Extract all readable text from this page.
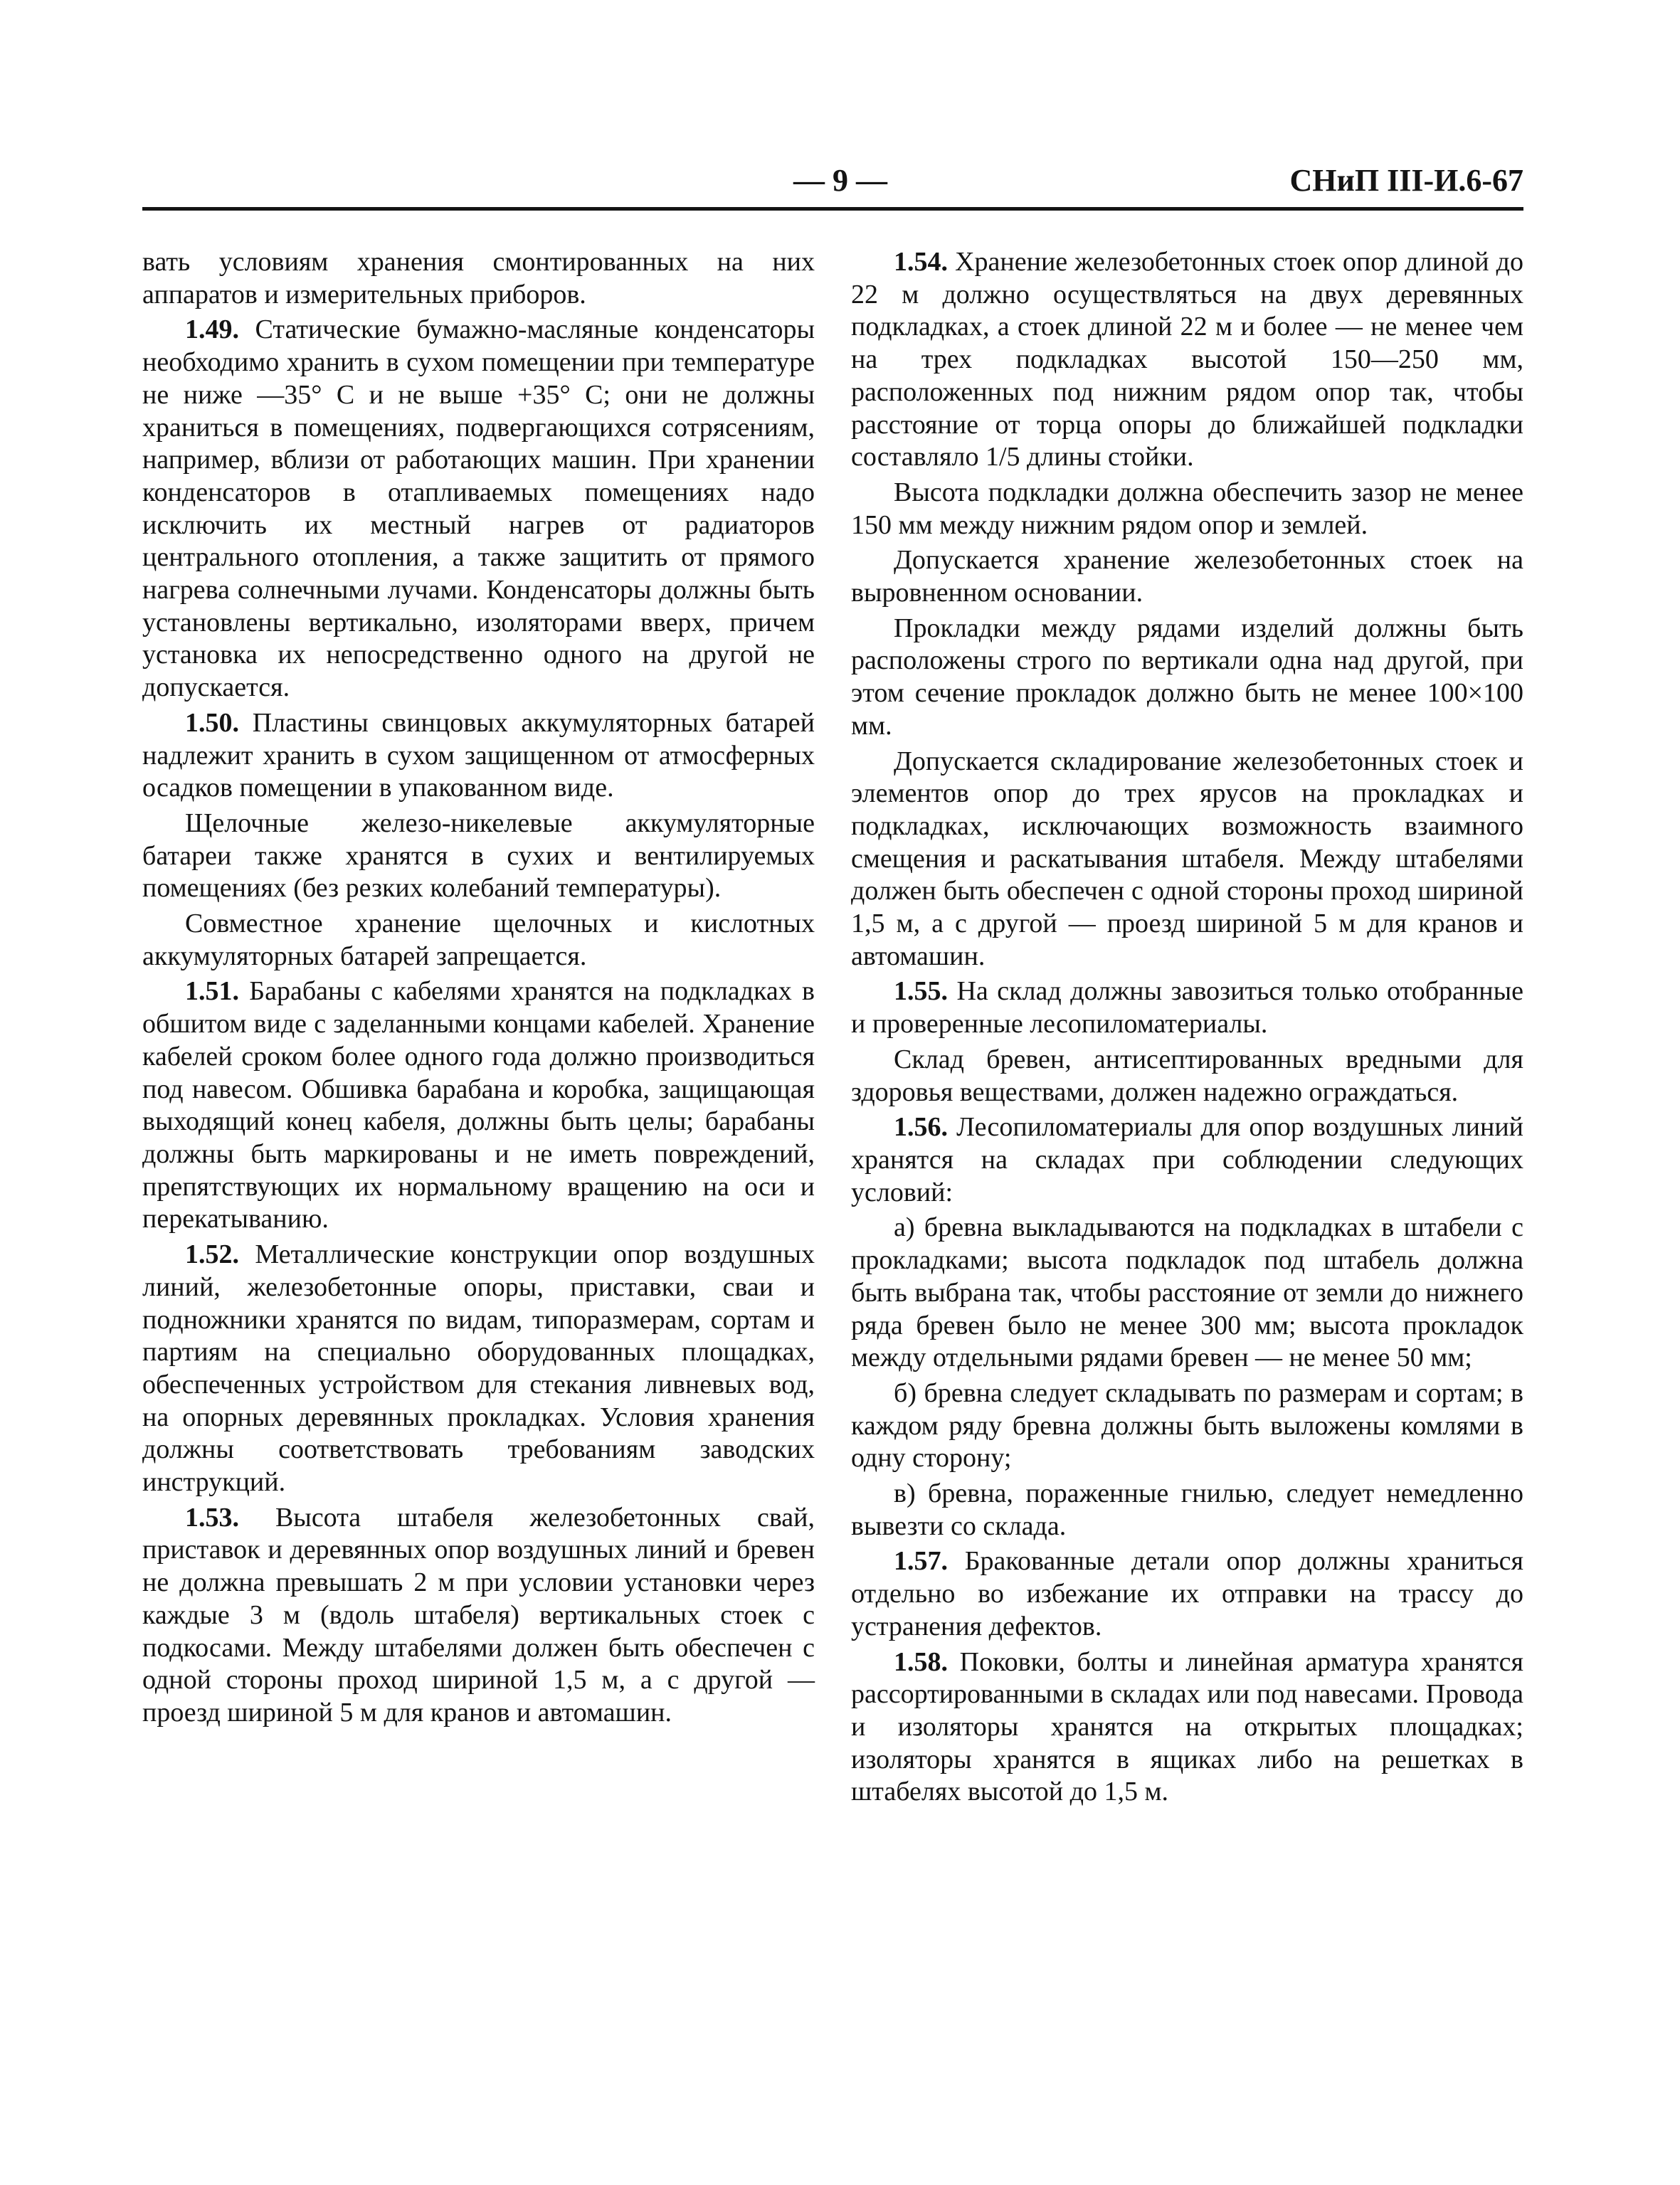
— 9 —	СНиП III-И.6-67

вать условиям хранения смонтированных на них аппаратов и измерительных приборов.

1.49. Статические бумажно-масляные конденсаторы необходимо хранить в сухом помещении при температуре не ниже —35° С и не выше +35° С; они не должны храниться в помещениях, подвергающихся сотрясениям, например, вблизи от работающих машин. При хранении конденсаторов в отапливаемых помещениях надо исключить их местный нагрев от радиаторов центрального отопления, а также защитить от прямого нагрева солнечными лучами. Конденсаторы должны быть установлены вертикально, изоляторами вверх, причем установка их непосредственно одного на другой не допускается.

1.50. Пластины свинцовых аккумуляторных батарей надлежит хранить в сухом защищенном от атмосферных осадков помещении в упакованном виде.

Щелочные железо-никелевые аккумуляторные батареи также хранятся в сухих и вентилируемых помещениях (без резких колебаний температуры).

Совместное хранение щелочных и кислотных аккумуляторных батарей запрещается.

1.51. Барабаны с кабелями хранятся на подкладках в обшитом виде с заделанными концами кабелей. Хранение кабелей сроком более одного года должно производиться под навесом. Обшивка барабана и коробка, защищающая выходящий конец кабеля, должны быть целы; барабаны должны быть маркированы и не иметь повреждений, препятствующих их нормальному вращению на оси и перекатыванию.

1.52. Металлические конструкции опор воздушных линий, железобетонные опоры, приставки, сваи и подножники хранятся по видам, типоразмерам, сортам и партиям на специально оборудованных площадках, обеспеченных устройством для стекания ливневых вод, на опорных деревянных прокладках. Условия хранения должны соответствовать требованиям заводских инструкций.

1.53. Высота штабеля железобетонных свай, приставок и деревянных опор воздушных линий и бревен не должна превышать 2 м при условии установки через каждые 3 м (вдоль штабеля) вертикальных стоек с подкосами. Между штабелями должен быть обеспечен с одной стороны проход шириной 1,5 м, а с другой — проезд шириной 5 м для кранов и автомашин.

1.54. Хранение железобетонных стоек опор длиной до 22 м должно осуществляться на двух деревянных подкладках, а стоек длиной 22 м и более — не менее чем на трех подкладках высотой 150—250 мм, расположенных под нижним рядом опор так, чтобы расстояние от торца опоры до ближайшей подкладки составляло 1/5 длины стойки.

Высота подкладки должна обеспечить зазор не менее 150 мм между нижним рядом опор и землей.

Допускается хранение железобетонных стоек на выровненном основании.

Прокладки между рядами изделий должны быть расположены строго по вертикали одна над другой, при этом сечение прокладок должно быть не менее 100×100 мм.

Допускается складирование железобетонных стоек и элементов опор до трех ярусов на прокладках и подкладках, исключающих возможность взаимного смещения и раскатывания штабеля. Между штабелями должен быть обеспечен с одной стороны проход шириной 1,5 м, а с другой — проезд шириной 5 м для кранов и автомашин.

1.55. На склад должны завозиться только отобранные и проверенные лесопиломатериалы.

Склад бревен, антисептированных вредными для здоровья веществами, должен надежно ограждаться.

1.56. Лесопиломатериалы для опор воздушных линий хранятся на складах при соблюдении следующих условий:

а) бревна выкладываются на подкладках в штабели с прокладками; высота подкладок под штабель должна быть выбрана так, чтобы расстояние от земли до нижнего ряда бревен было не менее 300 мм; высота прокладок между отдельными рядами бревен — не менее 50 мм;

б) бревна следует складывать по размерам и сортам; в каждом ряду бревна должны быть выложены комлями в одну сторону;

в) бревна, пораженные гнилью, следует немедленно вывезти со склада.

1.57. Бракованные детали опор должны храниться отдельно во избежание их отправки на трассу до устранения дефектов.

1.58. Поковки, болты и линейная арматура хранятся рассортированными в складах или под навесами. Провода и изоляторы хранятся на открытых площадках; изоляторы хранятся в ящиках либо на решетках в штабелях высотой до 1,5 м.
